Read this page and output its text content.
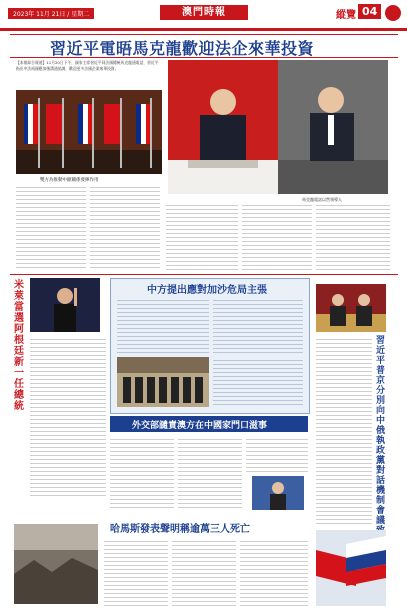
2023年 11月 21日 / 星期二	澳門時報	縱覽 04
習近平電晤馬克龍歡迎法企來華投資
【本報綜合報道】11月20日下午，國家主席習近平同法國總統馬克龍通電話，習近平指出中法兩國應加強溝通協調，歡迎更多法國企業來華投資。
雙方為推動中歐關係發揮作用
馬克龍電話以然領導人
米萊當選阿根廷新一任總統
中方提出應對加沙危局主張
外交部譴責澳方在中國家門口滋事
習近平普京分別向中俄執政黨對話機制會議
哈馬斯發表聲明稱逾萬三人死亡
